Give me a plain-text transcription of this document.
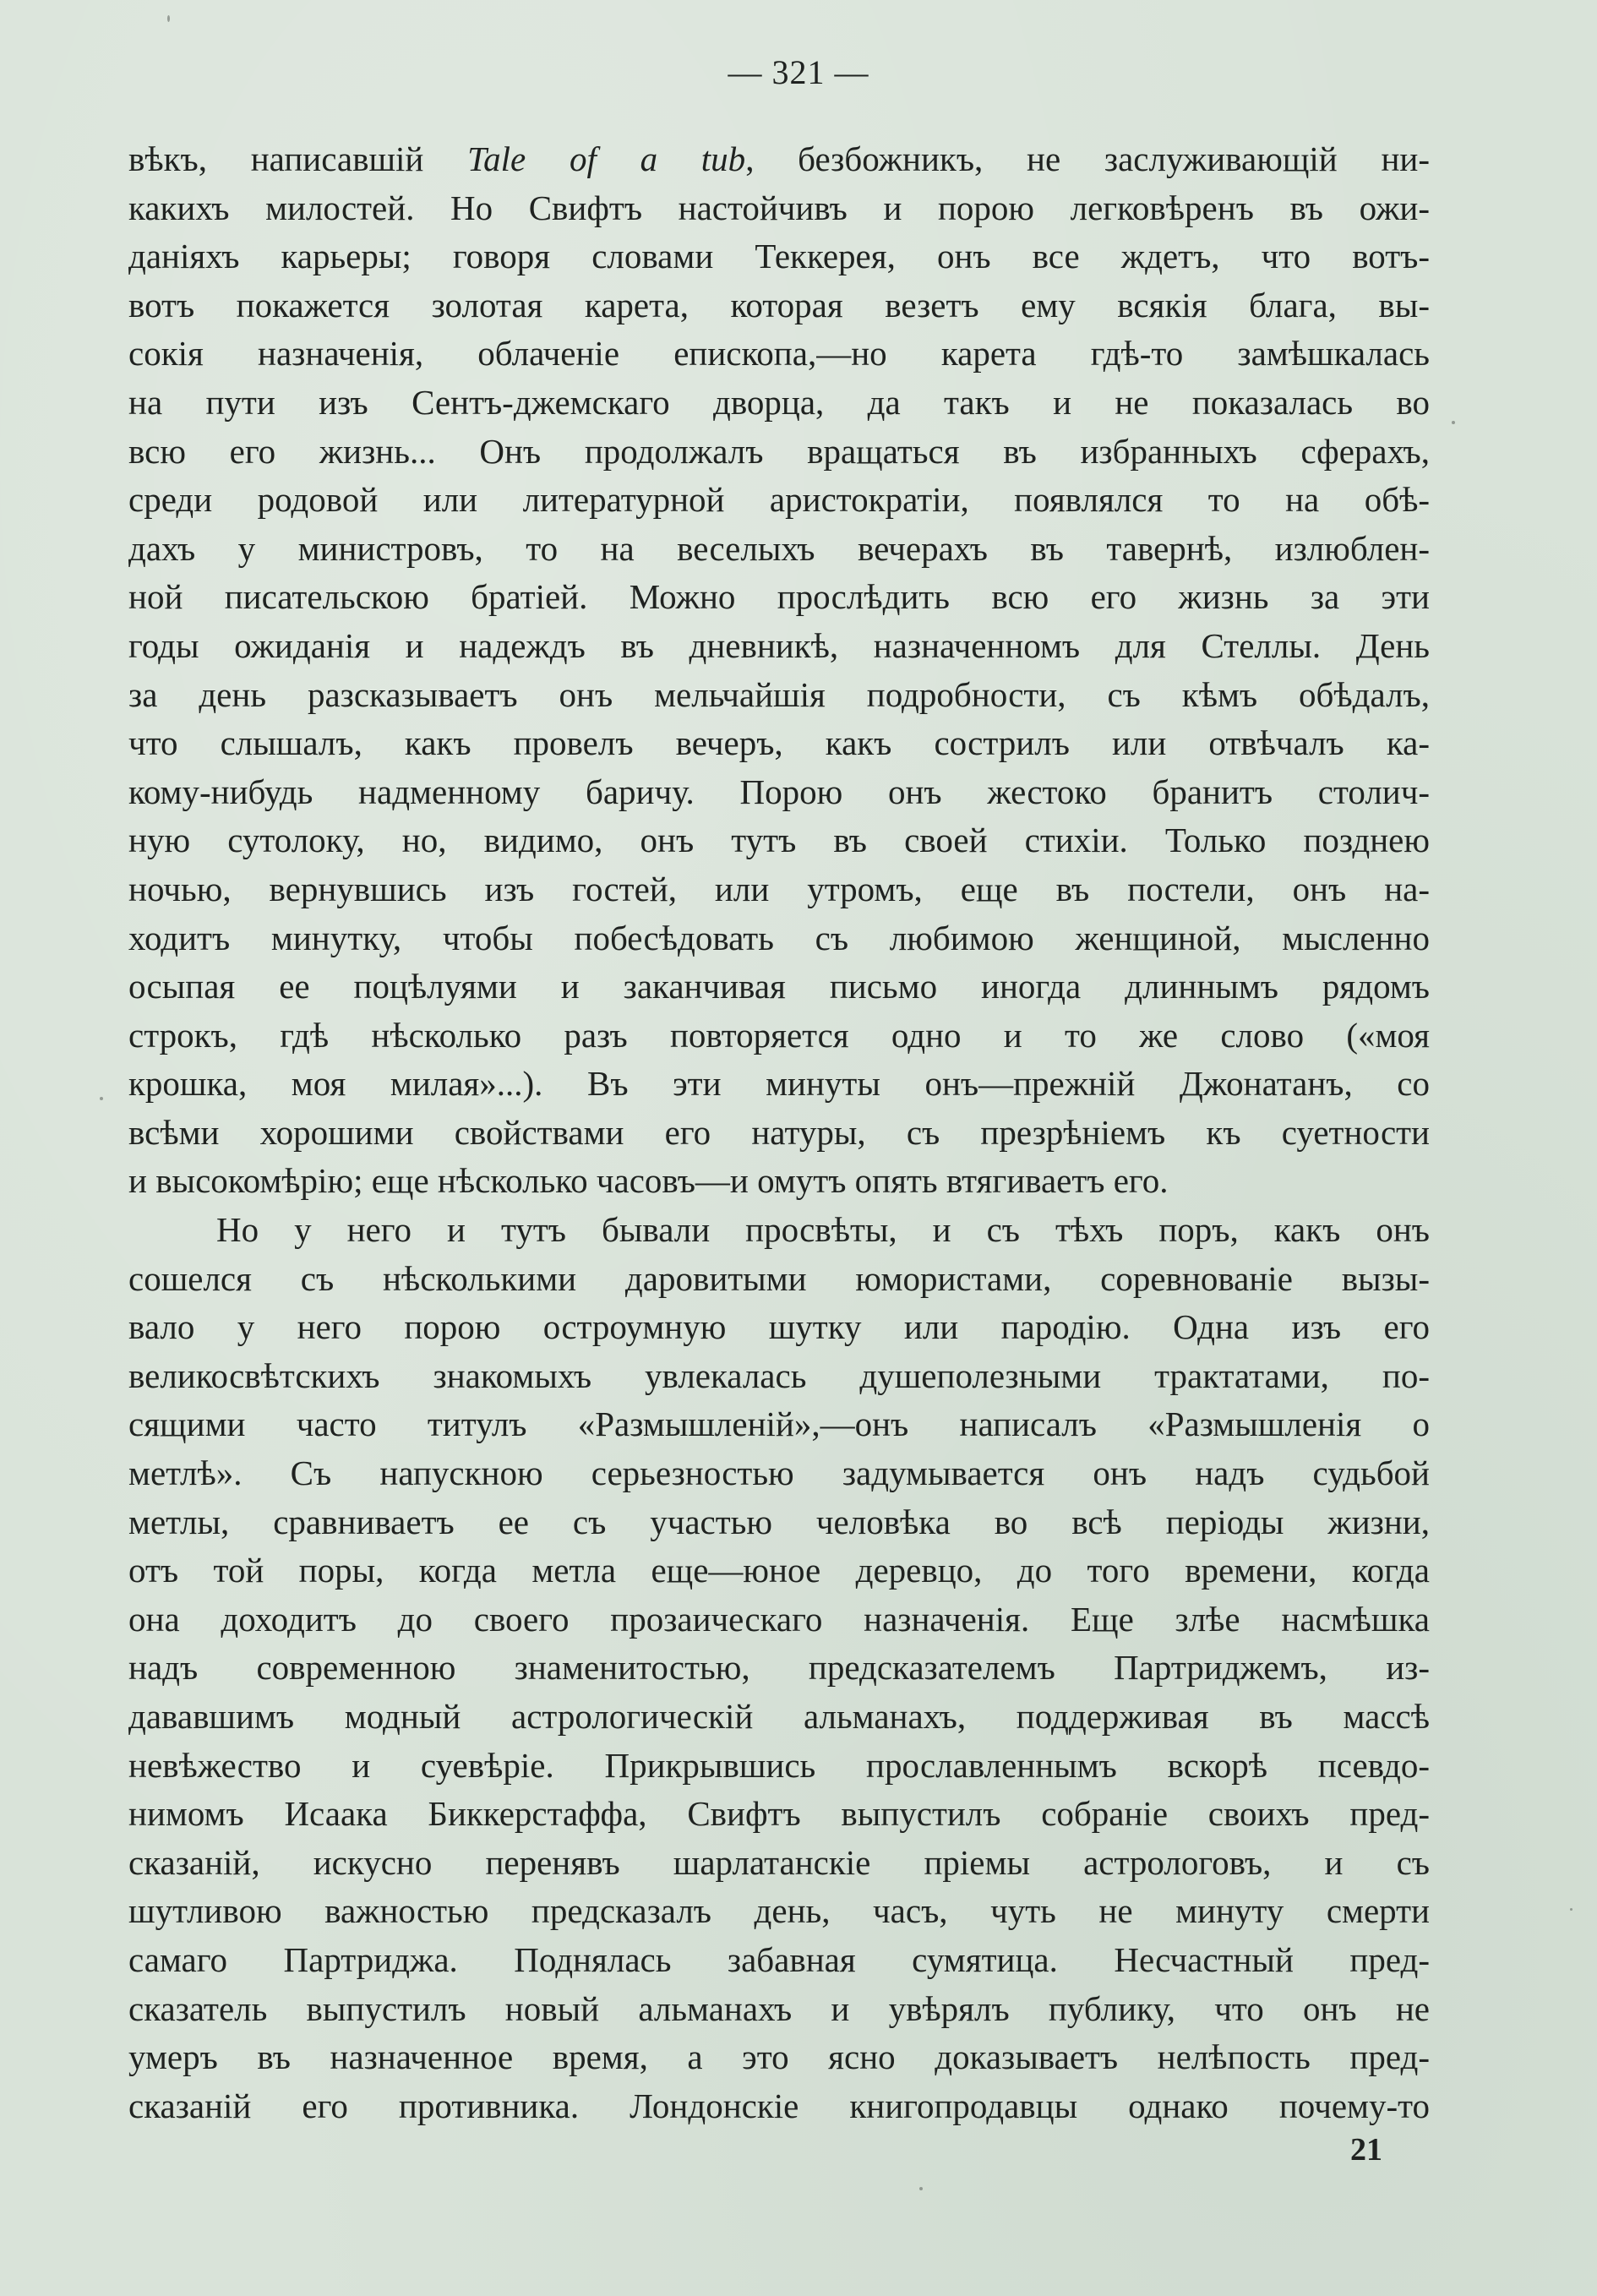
— 321 —
вѣкъ, написавшій Tale of a tub, безбожникъ, не заслуживающій ни-
какихъ милостей. Но Свифтъ настойчивъ и порою легковѣренъ въ ожи-
даніяхъ карьеры; говоря словами Теккерея, онъ все ждетъ, что вотъ-
вотъ покажется золотая карета, которая везетъ ему всякія блага, вы-
сокія назначенія, облаченіе епископа,—но карета гдѣ-то замѣшкалась
на пути изъ Сентъ-джемскаго дворца, да такъ и не показалась во
всю его жизнь... Онъ продолжалъ вращаться въ избранныхъ сферахъ,
среди родовой или литературной аристократіи, появлялся то на обѣ-
дахъ у министровъ, то на веселыхъ вечерахъ въ тавернѣ, излюблен-
ной писательскою братіей. Можно прослѣдить всю его жизнь за эти
годы ожиданія и надеждъ въ дневникѣ, назначенномъ для Стеллы. День
за день разсказываетъ онъ мельчайшія подробности, съ кѣмъ обѣдалъ,
что слышалъ, какъ провелъ вечеръ, какъ сострилъ или отвѣчалъ ка-
кому-нибудь надменному баричу. Порою онъ жестоко бранитъ столич-
ную сутолоку, но, видимо, онъ тутъ въ своей стихіи. Только позднею
ночью, вернувшись изъ гостей, или утромъ, еще въ постели, онъ на-
ходитъ минутку, чтобы побесѣдовать съ любимою женщиной, мысленно
осыпая ее поцѣлуями и заканчивая письмо иногда длиннымъ рядомъ
строкъ, гдѣ нѣсколько разъ повторяется одно и то же слово («моя
крошка, моя милая»...). Въ эти минуты онъ—прежній Джонатанъ, со
всѣми хорошими свойствами его натуры, съ презрѣніемъ къ суетности
и высокомѣрію; еще нѣсколько часовъ—и омутъ опять втягиваетъ его.
Но у него и тутъ бывали просвѣты, и съ тѣхъ поръ, какъ онъ
сошелся съ нѣсколькими даровитыми юмористами, соревнованіе вызы-
вало у него порою остроумную шутку или пародію. Одна изъ его
великосвѣтскихъ знакомыхъ увлекалась душеполезными трактатами, по-
сящими часто титулъ «Размышленій»,—онъ написалъ «Размышленія о
метлѣ». Съ напускною серьезностью задумывается онъ надъ судьбой
метлы, сравниваетъ ее съ участью человѣка во всѣ періоды жизни,
отъ той поры, когда метла еще—юное деревцо, до того времени, когда
она доходитъ до своего прозаическаго назначенія. Еще злѣе насмѣшка
надъ современною знаменитостью, предсказателемъ Партриджемъ, из-
дававшимъ модный астрологическій альманахъ, поддерживая въ массѣ
невѣжество и суевѣріе. Прикрывшись прославленнымъ вскорѣ псевдо-
нимомъ Исаака Биккерстаффа, Свифтъ выпустилъ собраніе своихъ пред-
сказаній, искусно перенявъ шарлатанскіе пріемы астрологовъ, и съ
шутливою важностью предсказалъ день, часъ, чуть не минуту смерти
самаго Партриджа. Поднялась забавная сумятица. Несчастный пред-
сказатель выпустилъ новый альманахъ и увѣрялъ публику, что онъ не
умеръ въ назначенное время, а это ясно доказываетъ нелѣпость пред-
сказаній его противника. Лондонскіе книгопродавцы однако почему-то
21
